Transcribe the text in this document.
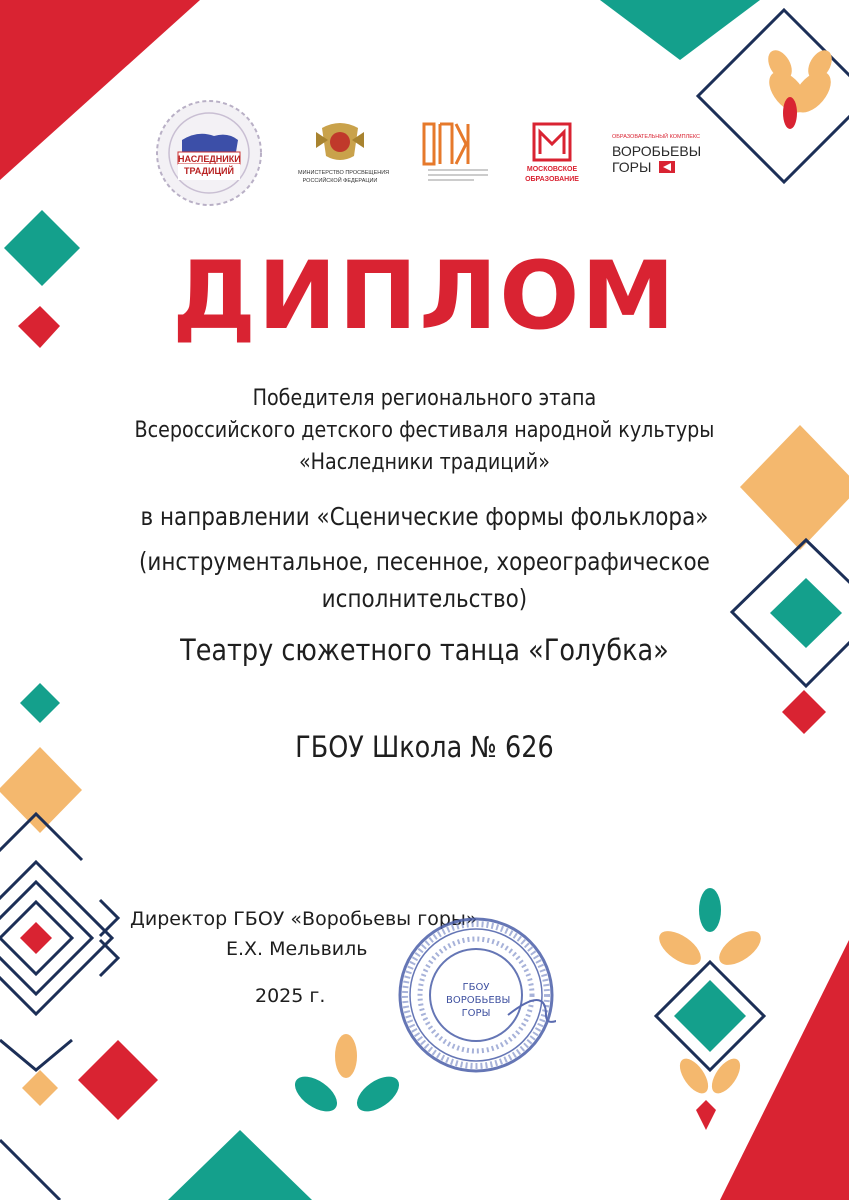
НАСЛЕДНИКИ
ТРАДИЦИЙ	МИНИСТЕРСТВО ПРОСВЕЩЕНИЯ
РОССИЙСКОЙ ФЕДЕРАЦИИ
МОСКОВСКОЕ
ОБРАЗОВАНИЕ
ОБРАЗОВАТЕЛЬНЫЙ КОМПЛЕКС
ВОРОБЬЕВЫ
ГОРЫ
ДИПЛОМ
Победителя регионального этапа
Всероссийского детского фестиваля народной культуры
«Наследники традиций»
в направлении «Сценические формы фольклора»
(инструментальное, песенное, хореографическое
исполнительство)
Театру сюжетного танца «Голубка»
ГБОУ Школа № 626
Директор ГБОУ «Воробьевы горы»
Е.Х. Мельвиль
2025 г.	ГБОУ ВОРОБЬЕВЫ ГОРЫ
